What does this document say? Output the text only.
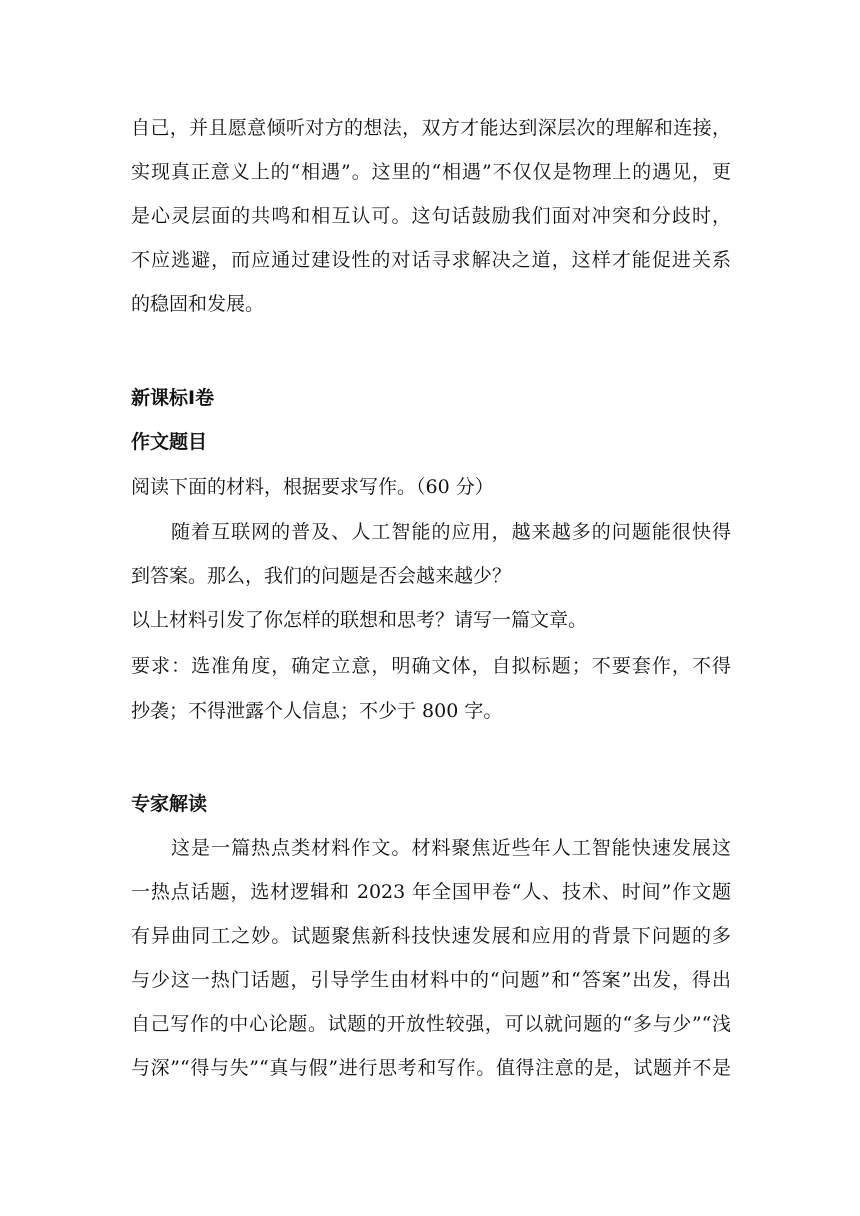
自己，并且愿意倾听对方的想法，双方才能达到深层次的理解和连接，
实现真正意义上的“相遇”。这里的“相遇”不仅仅是物理上的遇见，更
是心灵层面的共鸣和相互认可。这句话鼓励我们面对冲突和分歧时，
不应逃避，而应通过建设性的对话寻求解决之道，这样才能促进关系
的稳固和发展。
新课标Ⅰ卷
作文题目
阅读下面的材料，根据要求写作。（60 分）
随着互联网的普及、人工智能的应用，越来越多的问题能很快得
到答案。那么，我们的问题是否会越来越少？
以上材料引发了你怎样的联想和思考？请写一篇文章。
要求：选准角度，确定立意，明确文体，自拟标题；不要套作，不得
抄袭；不得泄露个人信息；不少于 800 字。
专家解读
这是一篇热点类材料作文。材料聚焦近些年人工智能快速发展这
一热点话题，选材逻辑和 2023 年全国甲卷“人、技术、时间”作文题
有异曲同工之妙。试题聚焦新科技快速发展和应用的背景下问题的多
与少这一热门话题，引导学生由材料中的“问题”和“答案”出发，得出
自己写作的中心论题。试题的开放性较强，可以就问题的“多与少”“浅
与深”“得与失”“真与假”进行思考和写作。值得注意的是，试题并不是
